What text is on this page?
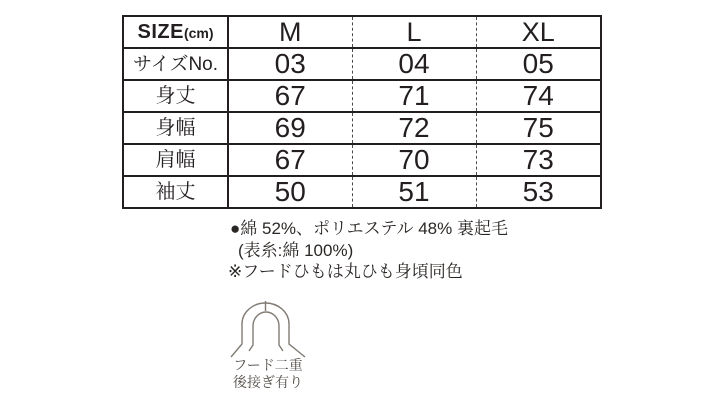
SIZE(cm)	M	L	XL
サイズNo.	03	04	05
身丈	67	71	74
身幅	69	72	75
肩幅	67	70	73
袖丈	50	51	53
●綿 52%、ポリエステル 48% 裏起毛
(表糸:綿 100%)
※フードひもは丸ひも身頃同色
フード二重
後接ぎ有り
